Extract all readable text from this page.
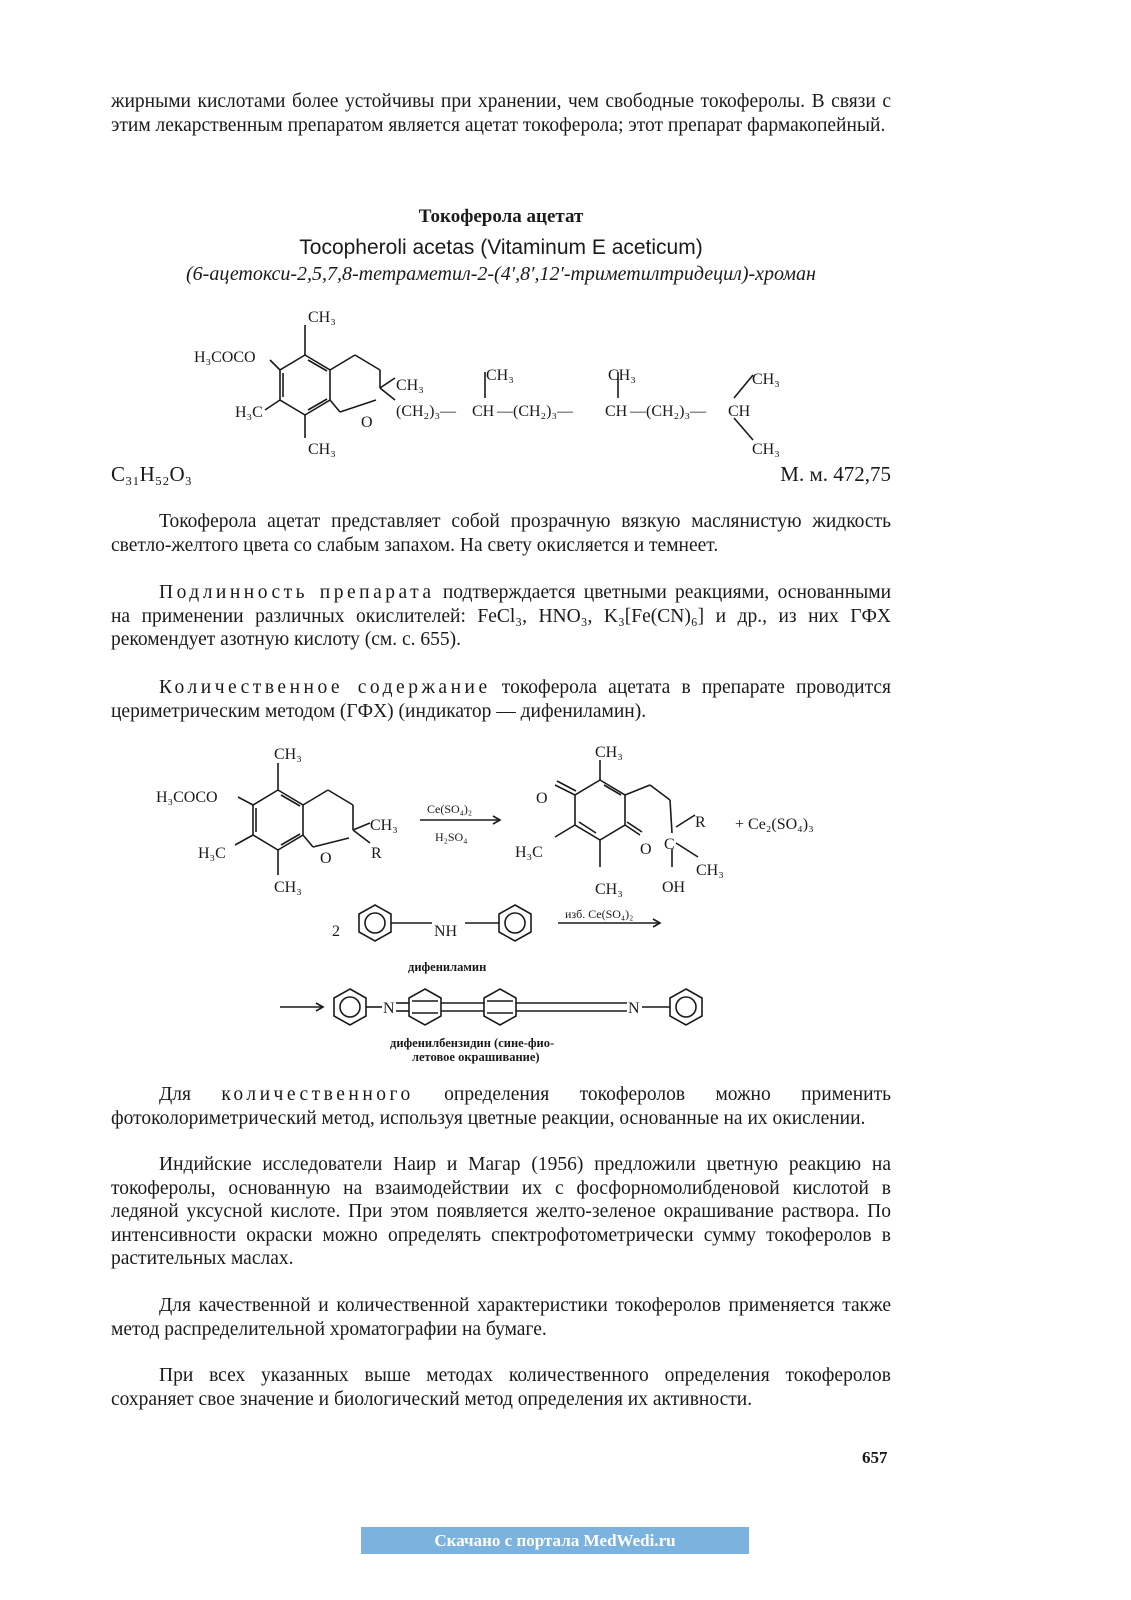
жирными кислотами более устойчивы при хранении, чем свободные токоферолы. В связи с этим лекарственным препаратом является ацетат токоферола; этот препарат фармакопейный.

Токоферола ацетат
Tocopheroli acetas (Vitaminum E aceticum)
(6-ацетокси-2,5,7,8-тетраметил-2-(4′,8′,12′-триметилтридецил)-хроман
CH₃
H₃COCO
H₃C
CH₃
O
CH₃
(CH₂)₃— CH
CH₃
—(CH₂)₃— CH
CH₃
—(CH₂)₃— CH
CH₃
CH₃
C₃₁H₅₂O₃	М. м. 472,75

Токоферола ацетат представляет собой прозрачную вязкую маслянистую жидкость светло-желтого цвета со слабым запахом. На свету окисляется и темнеет.

Подлинность препарата подтверждается цветными реакциями, основанными на применении различных окислителей: FeCl₃, HNO₃, K₃[Fe(CN)₆] и др., из них ГФХ рекомендует азотную кислоту (см. с. 655).

Количественное содержание токоферола ацетата в препарате проводится цериметрическим методом (ГФХ) (индикатор — дифениламин).

CH₃
H₃COCO
H₃C
CH₃
O
CH₃
R
Ce(SO₄)₂
H₂SO₄
CH₃
O
H₃C	O
CH₃
C
R
CH₃
OH
+ Ce₂(SO₄)₃
2	NH
изб. Ce(SO₄)₂
дифениламин
N	N
дифенилбензидин (сине-фио-
летовое окрашивание)

Для количественного определения токоферолов можно применить фотоколориметрический метод, используя цветные реакции, основанные на их окислении.

Индийские исследователи Наир и Магар (1956) предложили цветную реакцию на токоферолы, основанную на взаимодействии их с фосфорномолибденовой кислотой в ледяной уксусной кислоте. При этом появляется желто-зеленое окрашивание раствора. По интенсивности окраски можно определять спектрофотометрически сумму токоферолов в растительных маслах.

Для качественной и количественной характеристики токоферолов применяется также метод распределительной хроматографии на бумаге.

При всех указанных выше методах количественного определения токоферолов сохраняет свое значение и биологический метод определения их активности.

657
Скачано с портала MedWedi.ru
